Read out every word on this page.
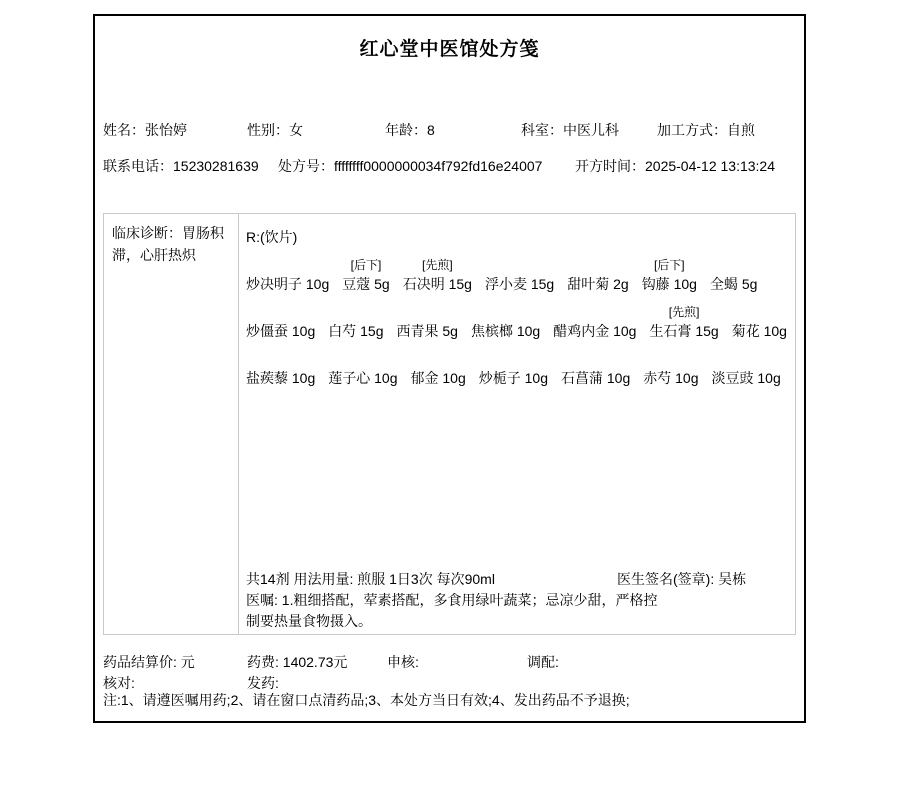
红心堂中医馆处方笺
姓名：张怡婷	性别：女	年龄：8	科室：中医儿科	加工方式：自煎
联系电话：15230281639 处方号：ffffffff0000000034f792fd16e24007 开方时间：2025-04-12 13:13:24
临床诊断：胃肠积滞，心肝热炽
R:(饮片)

炒决明子 10g
[后下]
豆蔻 5g
[先煎]
石决明 15g
浮小麦 15g
甜叶菊 2g
[后下]
钩藤 10g
全蝎 5g

炒僵蚕 10g
白芍 15g
西青果 5g
焦槟榔 10g
醋鸡内金 10g
[先煎]
生石膏 15g
菊花 10g

盐蒺藜 10g
莲子心 10g
郁金 10g
炒栀子 10g
石菖蒲 10g
赤芍 10g
淡豆豉 10g
共14剂 用法用量: 煎服 1日3次 每次90ml	医生签名(签章): 吴栋
医嘱: 1.粗细搭配，荤素搭配，多食用绿叶蔬菜；忌凉少甜，严格控制要热量食物摄入。
药品结算价: 元	药费: 1402.73元	申核:	调配:
核对:	发药:
注:1、请遵医嘱用药;2、请在窗口点清药品;3、本处方当日有效;4、发出药品不予退换;
